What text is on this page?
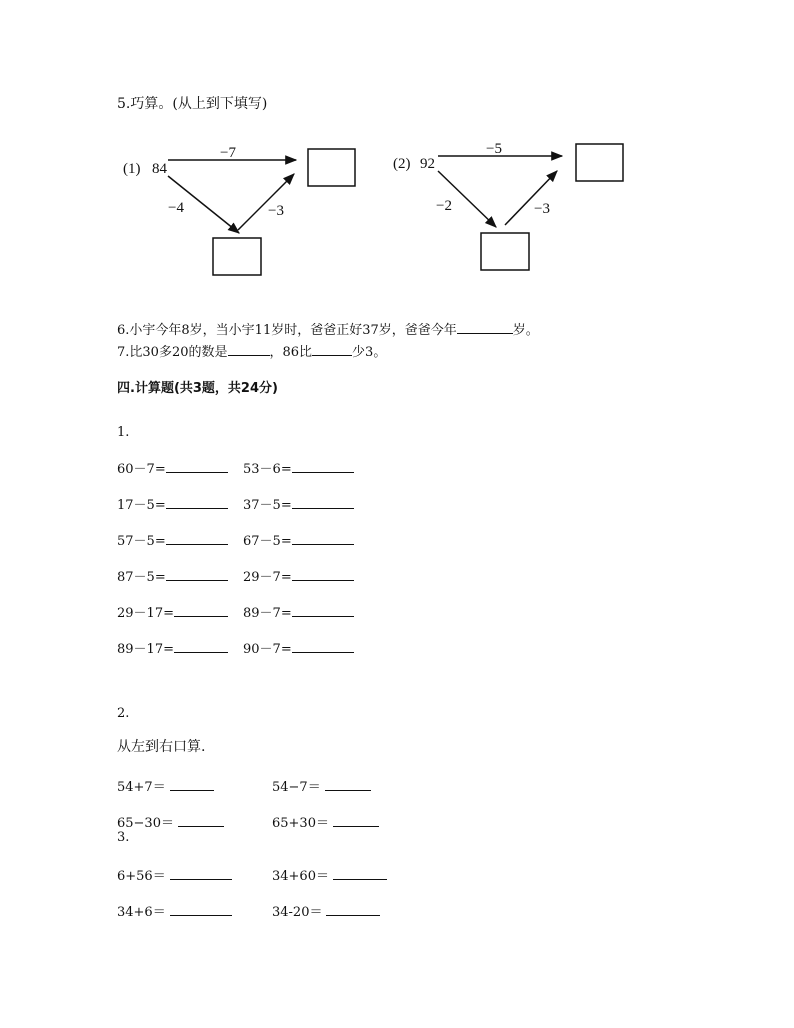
5.巧算。(从上到下填写)
(1) 84
−7
−4	−3
(2) 92
−5
−2	−3
6.小宇今年8岁，当小宇11岁时，爸爸正好37岁，爸爸今年	岁。
7.比30多20的数是	，86比	少3。
四.计算题(共3题，共24分)
1.
60－7=	53－6=
17－5=	37－5=
57－5=	67－5=
87－5=	29－7=
29－17=	89－7=
89－17=	90－7=
2.
从左到右口算.
54+7＝	54−7＝
65−30＝	65+30＝
3.
6+56＝	34+60＝
34+6＝	34-20＝
